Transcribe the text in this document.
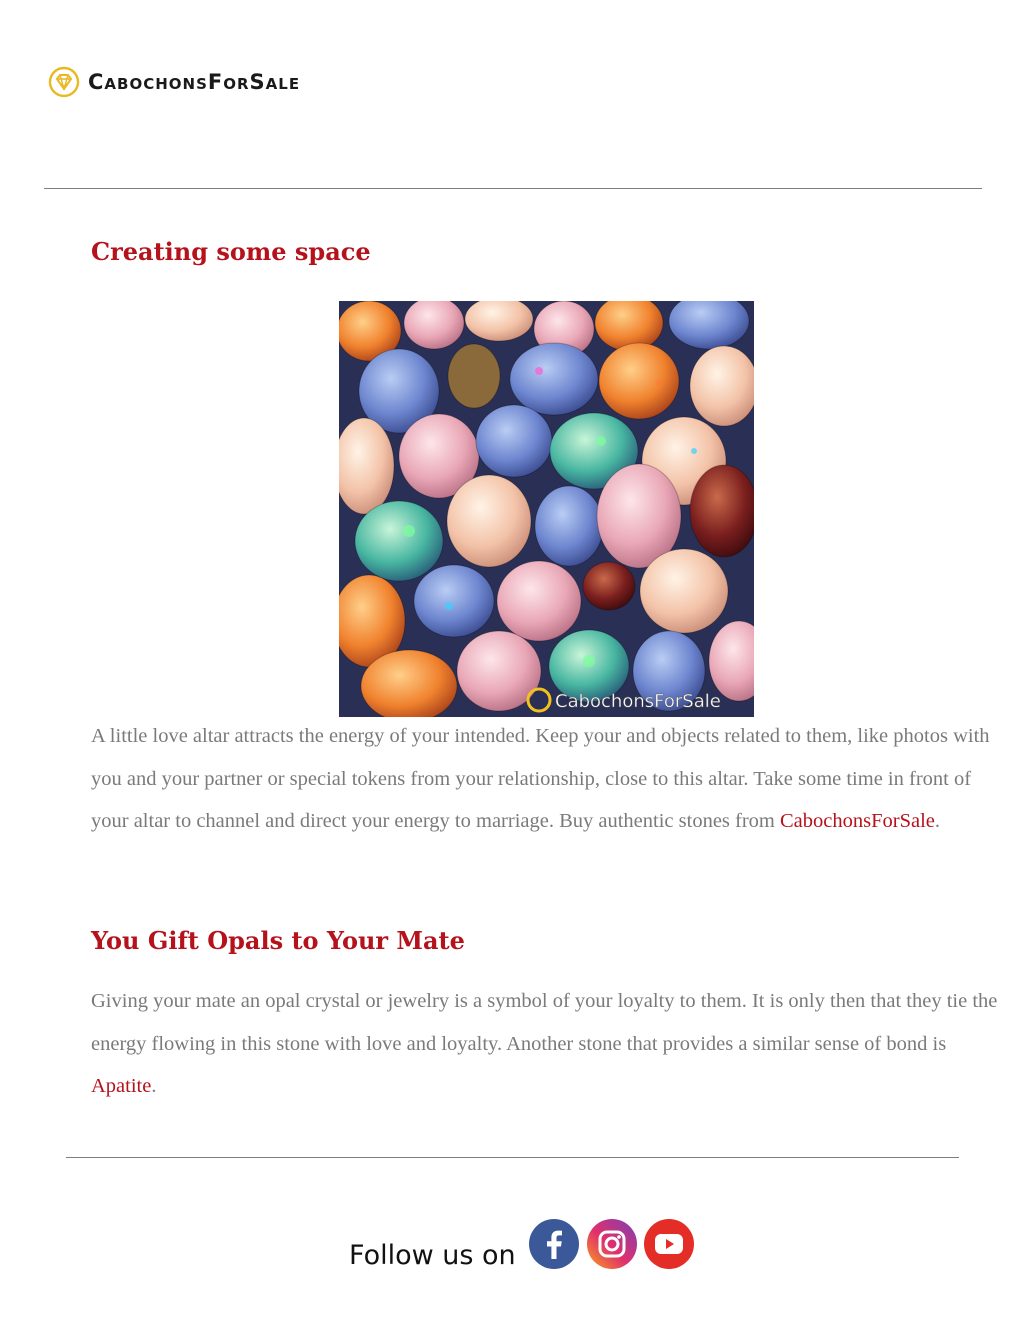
CabochonsForSale
Creating some space
CabochonsForSale

A little love altar attracts the energy of your intended. Keep your and objects related to them, like photos with you and your partner or special tokens from your relationship, close to this altar. Take some time in front of your altar to channel and direct your energy to marriage. Buy authentic stones from CabochonsForSale.

You Gift Opals to Your Mate

Giving your mate an opal crystal or jewelry is a symbol of your loyalty to them. It is only then that they tie the energy flowing in this stone with love and loyalty. Another stone that provides a similar sense of bond is Apatite.

Follow us on
